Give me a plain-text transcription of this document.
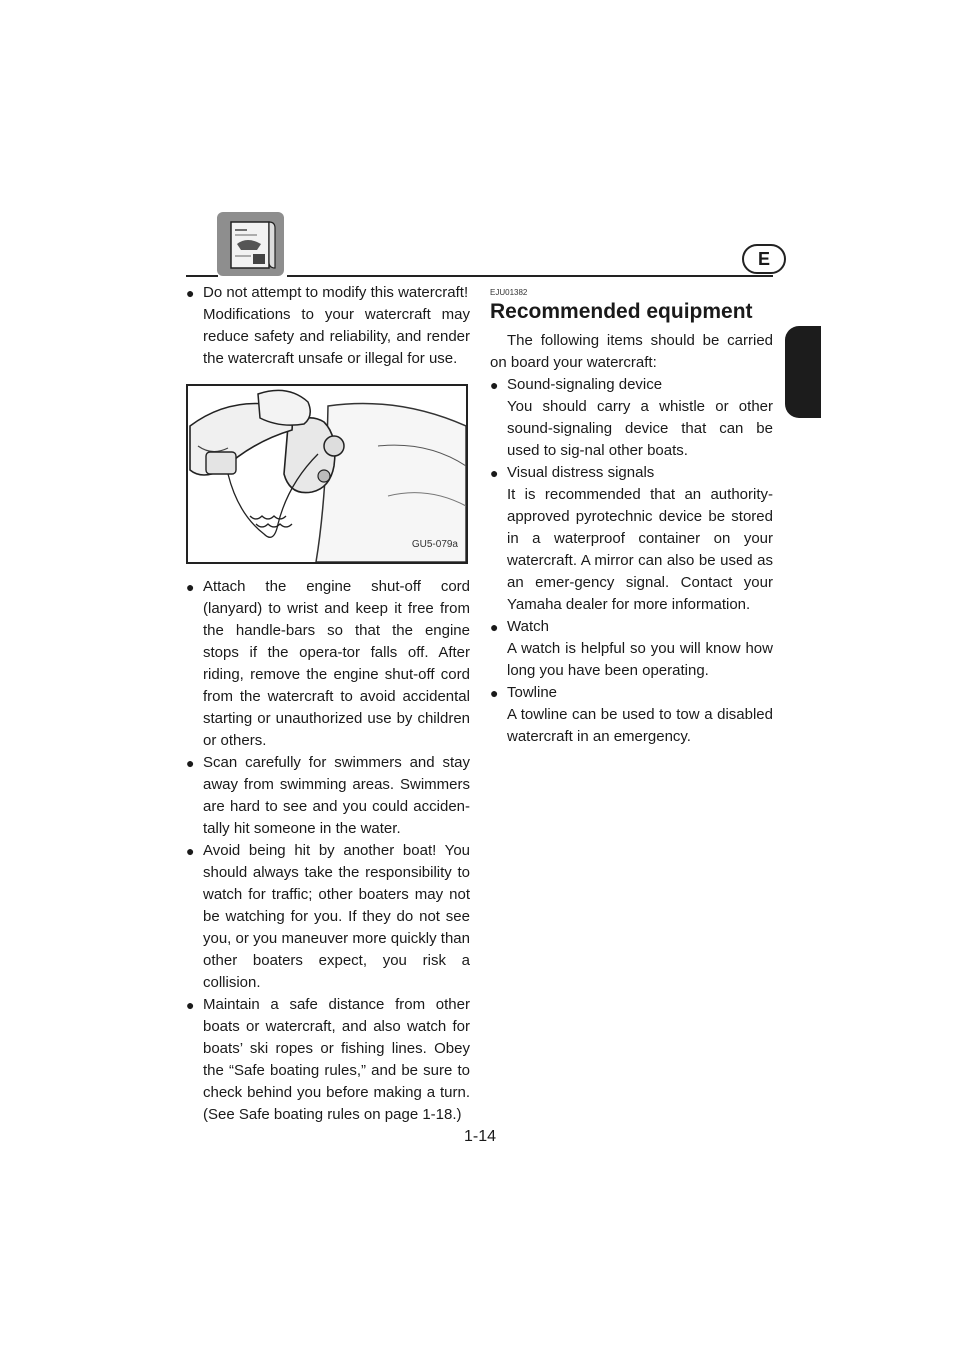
E
● Do not attempt to modify this watercraft!
Modifications to your watercraft may reduce safety and reliability, and render the watercraft unsafe or illegal for use.
GU5-079a
● Attach the engine shut-off cord (lanyard) to wrist and keep it free from the handle-bars so that the engine stops if the opera-tor falls off. After riding, remove the engine shut-off cord from the watercraft to avoid accidental starting or unauthorized use by children or others.
● Scan carefully for swimmers and stay away from swimming areas. Swimmers are hard to see and you could acciden-tally hit someone in the water.
● Avoid being hit by another boat! You should always take the responsibility to watch for traffic; other boaters may not be watching for you. If they do not see you, or you maneuver more quickly than other boaters expect, you risk a collision.
● Maintain a safe distance from other boats or watercraft, and also watch for boats’ ski ropes or fishing lines. Obey the “Safe boating rules,” and be sure to check behind you before making a turn. (See Safe boating rules on page 1-18.)
EJU01382
Recommended equipment
The following items should be carried on board your watercraft:
● Sound-signaling device
You should carry a whistle or other sound-signaling device that can be used to sig-nal other boats.
● Visual distress signals
It is recommended that an authority-approved pyrotechnic device be stored in a waterproof container on your watercraft. A mirror can also be used as an emer-gency signal. Contact your Yamaha dealer for more information.
● Watch
A watch is helpful so you will know how long you have been operating.
● Towline
A towline can be used to tow a disabled watercraft in an emergency.
1-14
